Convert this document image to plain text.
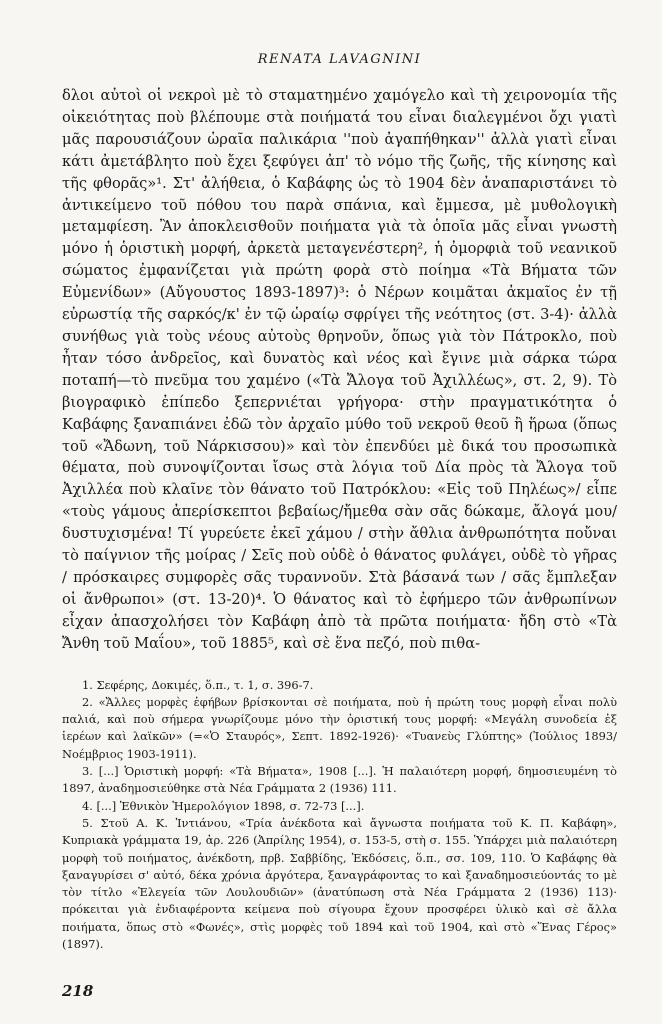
RENATA LAVAGNINI

δλοι αὐτοὶ οἱ νεκροὶ μὲ τὸ σταματημένο χαμόγελο καὶ τὴ χειρονομία τῆς οἰκειότητας ποὺ βλέπουμε στὰ ποιήματά του εἶναι διαλεγμένοι ὄχι γιατὶ μᾶς παρουσιάζουν ὡραῖα παλικάρια ''ποὺ ἀγαπήθηκαν'' ἀλλὰ γιατὶ εἶναι κάτι ἀμετάβλητο ποὺ ἔχει ξεφύγει ἀπ' τὸ νόμο τῆς ζωῆς, τῆς κίνησης καὶ τῆς φθορᾶς»¹. Στ' ἀλήθεια, ὁ Καβάφης ὡς τὸ 1904 δὲν ἀναπαριστάνει τὸ ἀντικείμενο τοῦ πόθου του παρὰ σπάνια, καὶ ἔμμεσα, μὲ μυθολογικὴ μεταμφίεση. Ἂν ἀποκλεισθοῦν ποιήματα γιὰ τὰ ὁποῖα μᾶς εἶναι γνωστὴ μόνο ἡ ὁριστικὴ μορφή, ἀρκετὰ μεταγενέστερη², ἡ ὀμορφιὰ τοῦ νεανικοῦ σώματος ἐμφανίζεται γιὰ πρώτη φορὰ στὸ ποίημα «Τὰ Βήματα τῶν Εὐμενίδων» (Αὔγουστος 1893-1897)³: ὁ Νέρων κοιμᾶται ἀκμαῖος ἐν τῇ εὐρωστίᾳ τῆς σαρκός/κ' ἐν τῷ ὡραίῳ σφρίγει τῆς νεότητος (στ. 3-4)· ἀλλὰ συνήθως γιὰ τοὺς νέους αὐτοὺς θρηνοῦν, ὅπως γιὰ τὸν Πάτροκλο, ποὺ ἦταν τόσο ἀνδρεῖος, καὶ δυνατὸς καὶ νέος καὶ ἔγινε μιὰ σάρκα τώρα ποταπή—τὸ πνεῦμα του χαμένο («Τὰ Ἄλογα τοῦ Ἀχιλλέως», στ. 2, 9). Τὸ βιογραφικὸ ἐπίπεδο ξεπερνιέται γρήγορα· στὴν πραγματικότητα ὁ Καβάφης ξαναπιάνει ἐδῶ τὸν ἀρχαῖο μύθο τοῦ νεκροῦ θεοῦ ἢ ἥρωα (ὅπως τοῦ «Ἄδωνη, τοῦ Νάρκισσου)» καὶ τὸν ἐπενδύει μὲ δικά του προσωπικὰ θέματα, ποὺ συνοψίζονται ἴσως στὰ λόγια τοῦ Δία πρὸς τὰ Ἄλογα τοῦ Ἀχιλλέα ποὺ κλαῖνε τὸν θάνατο τοῦ Πατρόκλου: «Εἰς τοῦ Πηλέως»/ εἶπε «τοὺς γάμους ἀπερίσκεπτοι βεβαίως/ἤμεθα σὰν σᾶς δώκαμε, ἄλογά μου/δυστυχισμένα! Τί γυρεύετε ἐκεῖ χάμου / στὴν ἄθλια ἀνθρωπότητα ποὔναι τὸ παίγνιον τῆς μοίρας / Σεῖς ποὺ οὐδὲ ὁ θάνατος φυλάγει, οὐδὲ τὸ γῆρας / πρόσκαιρες συμφορὲς σᾶς τυραννοῦν. Στὰ βάσανά των / σᾶς ἔμπλεξαν οἱ ἄνθρωποι» (στ. 13-20)⁴. Ὁ θάνατος καὶ τὸ ἐφήμερο τῶν ἀνθρωπίνων εἶχαν ἀπασχολήσει τὸν Καβάφη ἀπὸ τὰ πρῶτα ποιήματα· ἤδη στὸ «Τὰ Ἄνθη τοῦ Μαΐου», τοῦ 1885⁵, καὶ σὲ ἕνα πεζό, ποὺ πιθα-

1. Σεφέρης, Δοκιμές, ὅ.π., τ. 1, σ. 396-7.

2. «Ἄλλες μορφὲς ἐφήβων βρίσκονται σὲ ποιήματα, ποὺ ἡ πρώτη τους μορφὴ εἶναι πολὺ παλιά, καὶ ποὺ σήμερα γνωρίζουμε μόνο τὴν ὁριστική τους μορφή: «Μεγάλη συνοδεία ἐξ ἱερέων καὶ λαϊκῶν» (=«Ὁ Σταυρός», Σεπτ. 1892-1926)· «Τυανεὺς Γλύπτης» (Ἰούλιος 1893/Νοέμβριος 1903-1911).

3. [...] Ὁριστικὴ μορφή: «Τὰ Βήματα», 1908 [...]. Ἡ παλαιότερη μορφή, δημοσιευμένη τὸ 1897, ἀναδημοσιεύθηκε στὰ Νέα Γράμματα 2 (1936) 111.

4. [...] Ἐθνικὸν Ἡμερολόγιον 1898, σ. 72-73 [...].

5. Στοῦ Α. Κ. Ἰντιάνου, «Τρία ἀνέκδοτα καὶ ἄγνωστα ποιήματα τοῦ Κ. Π. Καβάφη», Κυπριακὰ γράμματα 19, ἀρ. 226 (Ἀπρίλης 1954), σ. 153-5, στὴ σ. 155. Ὑπάρχει μιὰ παλαιότερη μορφὴ τοῦ ποιήματος, ἀνέκδοτη, πρβ. Σαββίδης, Ἐκδόσεις, ὅ.π., σσ. 109, 110. Ὁ Καβάφης θὰ ξαναγυρίσει σ' αὐτό, δέκα χρόνια ἀργότερα, ξαναγράφοντας το καὶ ξαναδημοσιεύοντάς το μὲ τὸν τίτλο «Ἐλεγεία τῶν Λουλουδιῶν» (ἀνατύπωση στὰ Νέα Γράμματα 2 (1936) 113)· πρόκειται γιὰ ἐνδιαφέροντα κείμενα ποὺ σίγουρα ἔχουν προσφέρει ὑλικὸ καὶ σὲ ἄλλα ποιήματα, ὅπως στὸ «Φωνές», στὶς μορφὲς τοῦ 1894 καὶ τοῦ 1904, καὶ στὸ «Ἕνας Γέρος» (1897).

218
